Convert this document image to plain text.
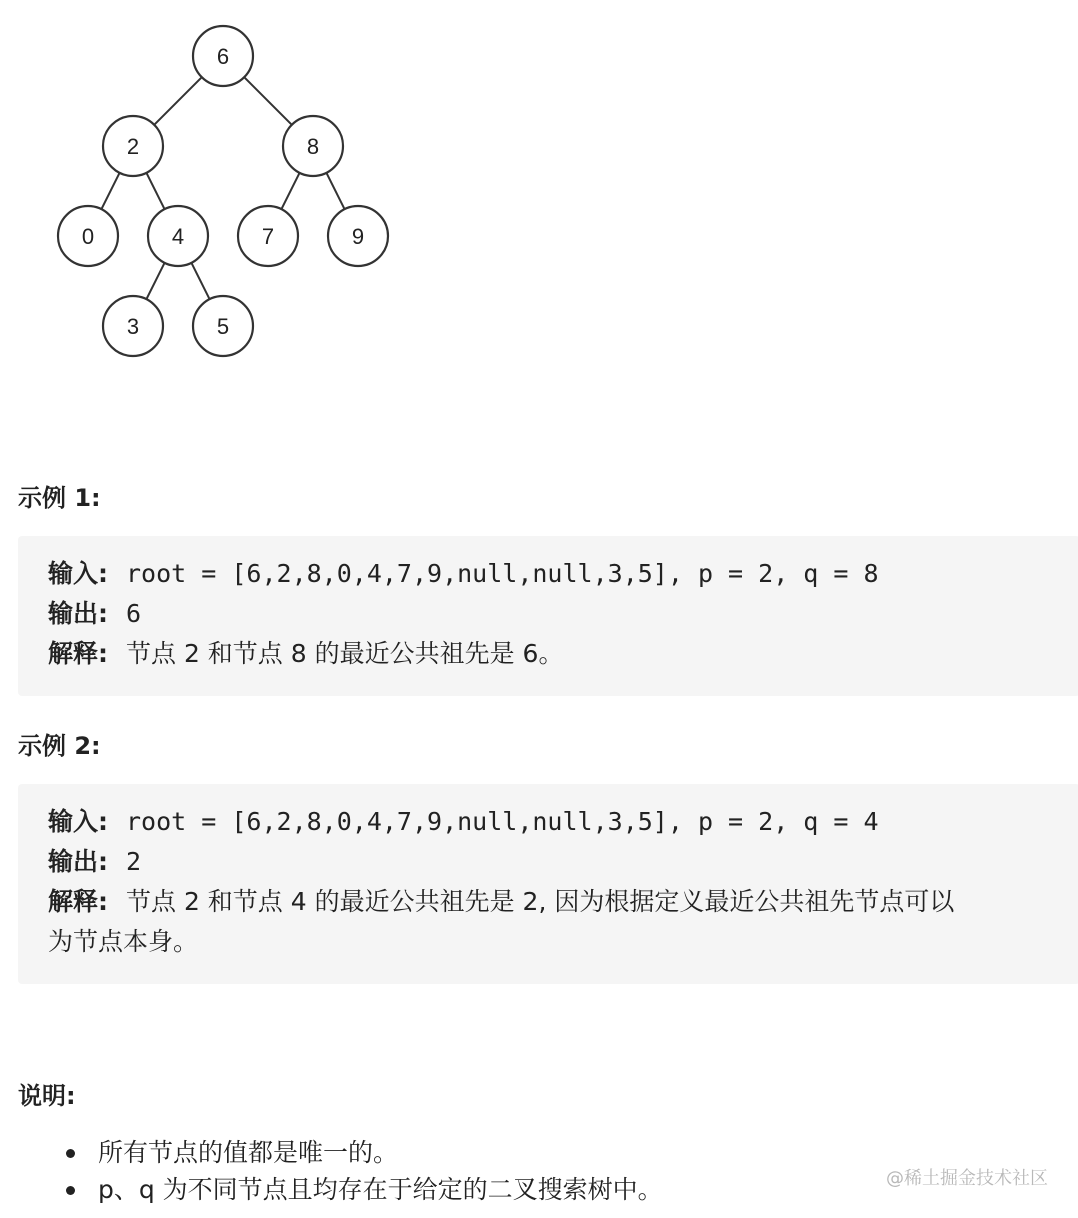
6
2	8
0	4	7	9
3	5
示例 1:
输入: root = [6,2,8,0,4,7,9,null,null,3,5], p = 2, q = 8
输出: 6
解释: 节点 2 和节点 8 的最近公共祖先是 6。
示例 2:
输入: root = [6,2,8,0,4,7,9,null,null,3,5], p = 2, q = 4
输出: 2
解释: 节点 2 和节点 4 的最近公共祖先是 2, 因为根据定义最近公共祖先节点可以
为节点本身。
说明:
所有节点的值都是唯一的。
p、q 为不同节点且均存在于给定的二叉搜索树中。	@稀土掘金技术社区
